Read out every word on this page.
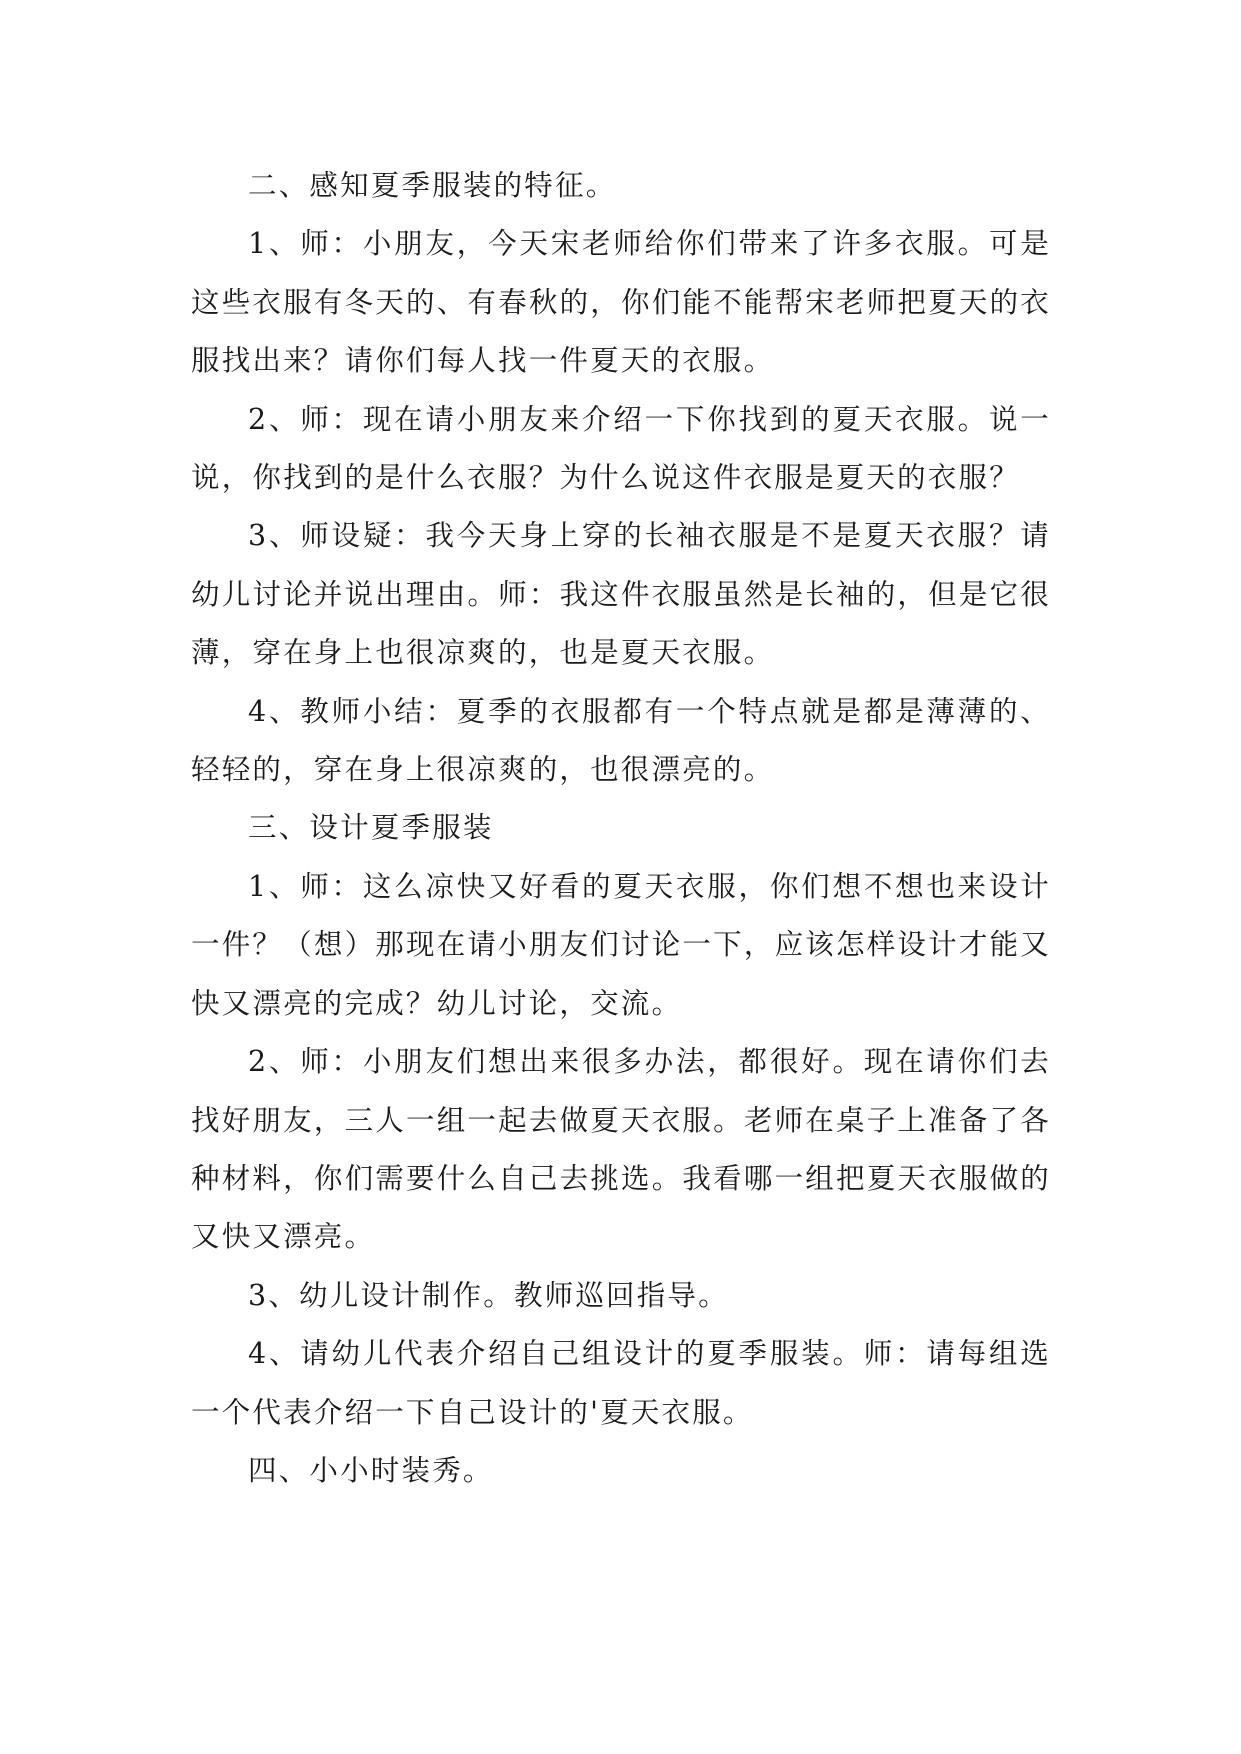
二、感知夏季服装的特征。

1、师：小朋友，今天宋老师给你们带来了许多衣服。可是这些衣服有冬天的、有春秋的，你们能不能帮宋老师把夏天的衣服找出来？请你们每人找一件夏天的衣服。

2、师：现在请小朋友来介绍一下你找到的夏天衣服。说一说，你找到的是什么衣服？为什么说这件衣服是夏天的衣服？

3、师设疑：我今天身上穿的长袖衣服是不是夏天衣服？请幼儿讨论并说出理由。师：我这件衣服虽然是长袖的，但是它很薄，穿在身上也很凉爽的，也是夏天衣服。

4、教师小结：夏季的衣服都有一个特点就是都是薄薄的、轻轻的，穿在身上很凉爽的，也很漂亮的。

三、设计夏季服装

1、师：这么凉快又好看的夏天衣服，你们想不想也来设计一件？（想）那现在请小朋友们讨论一下，应该怎样设计才能又快又漂亮的完成？幼儿讨论，交流。

2、师：小朋友们想出来很多办法，都很好。现在请你们去找好朋友，三人一组一起去做夏天衣服。老师在桌子上准备了各种材料，你们需要什么自己去挑选。我看哪一组把夏天衣服做的又快又漂亮。

3、幼儿设计制作。教师巡回指导。

4、请幼儿代表介绍自己组设计的夏季服装。师：请每组选一个代表介绍一下自己设计的'夏天衣服。

四、小小时装秀。
